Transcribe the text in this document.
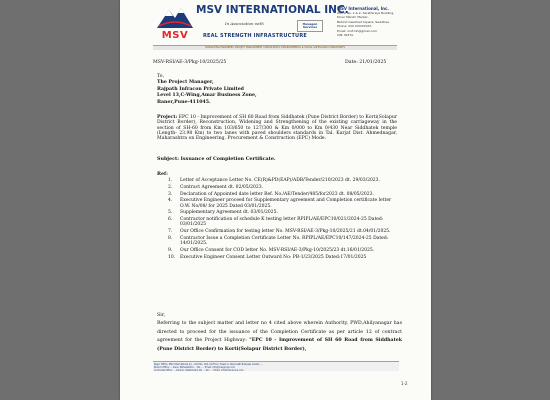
MSV
MSV INTERNATIONAL INC.
In Association with	Hexagon Services
REAL STRENGTH INFRASTRUCTURE
MSV International, Inc.
Office No. 1 & 2, Sarathiraya Building,
Dinar Mandir Marker,
Behind Gaukhed Square, Swadhee
Phone: 020 XXXXXXXX
Email: msf.mh@gmail.com
CIN: IN37A
CONSULTING ENGINEERS, PROJECT MANAGEMENT CONSULTANTS, ENVIRONMENTAL & SOCIAL SAFEGUARD CONSULTANTS
MSV-RSI/AE-3/Pkg-10/2025/25	Date: 21/01/2025
To,
The Project Manager,
Rajpath Infracon Private Limited
Level 13,C-Wing,Amar Business Zone,
Baner,Pune-411045.
Project: EPC 10 - Improvement of SH 60 Road from Siddhatek (Pune District Border) to Korti(Solapur District Border), Reconstruction, Widening and Strengthening of the existing carriageway in the section of SH-60 from Km 103/650 to 127/300 & Km 0/000 to Km 0/430 Near Siddhatek temple (Length- 23.98 Km) to two lanes with paved shoulders standards in Tal. Karjat Dist. Ahmednagar, Maharashtra on Engineering, Procurement & Construction (EPC) Mode.
Subject: Issuance of Completion Certificate.
Ref:
1. Letter of Acceptance Letter No. CE(R)&PD(EAP)/ADB/Tender/210/2023 dt. 29/03/2023.
2. Contract Agreement dt. 02/05/2023.
3. Declaration of Appointed date letter Ref. No./AE/Tender/485/for2023 dt. 08/05/2023.
4. Executive Engineer proceed for Supplementary agreement and Completion certificate letter O.W. No/08/ for 2025 Dated 03/01/2025.
5. Supplementary Agreement dt. 03/01/2025.
6. Contractor notification of schedule K testing letter RPIPL/AE/EPC10/021/2024-25 Dated: 03/01/2025
7. Our Office Confirmation for testing letter No. MSV-RSI/AE-3/Pkg-10/2025/21 dt.04/01/2025.
8. Contractor Issue a Completion Certificate Letter No. RPIPL/AE/EPC10/147/2024-25 Dated: 14/01/2025.
9. Our Office Consent for COD letter No. MSV-RSI/AE-3/Pkg-10/2025/23 dt.16/01/2025.
10. Executive Engineer Consent Letter Outward No: PB-1/23/2025 Dated:17/01/2025
Sir,
Referring to the subject matter and letter no 4 cited above wherein Authority, PWD,Ahilyanagar has directed to proceed for the issuance of the Completion Certificate as per article 12 of contract agreement for the Project Highway: "EPC 10 - Improvement of SH 60 Road from Siddhatek (Pune District Border) to Korti(Solapur District Border),
Regd. Office: MSV International Inc., Unit No. 104, 1st Floor, Tower A, Parsvnath Business Center, ...
Branch Office: ... Pune, Maharashtra ... Tel.: ... Email: info@msvgroup.com
Corporate Office: ... Kanpur, Washington DC ... Tel.: ... Email: info@msvgroup.com
1-2
